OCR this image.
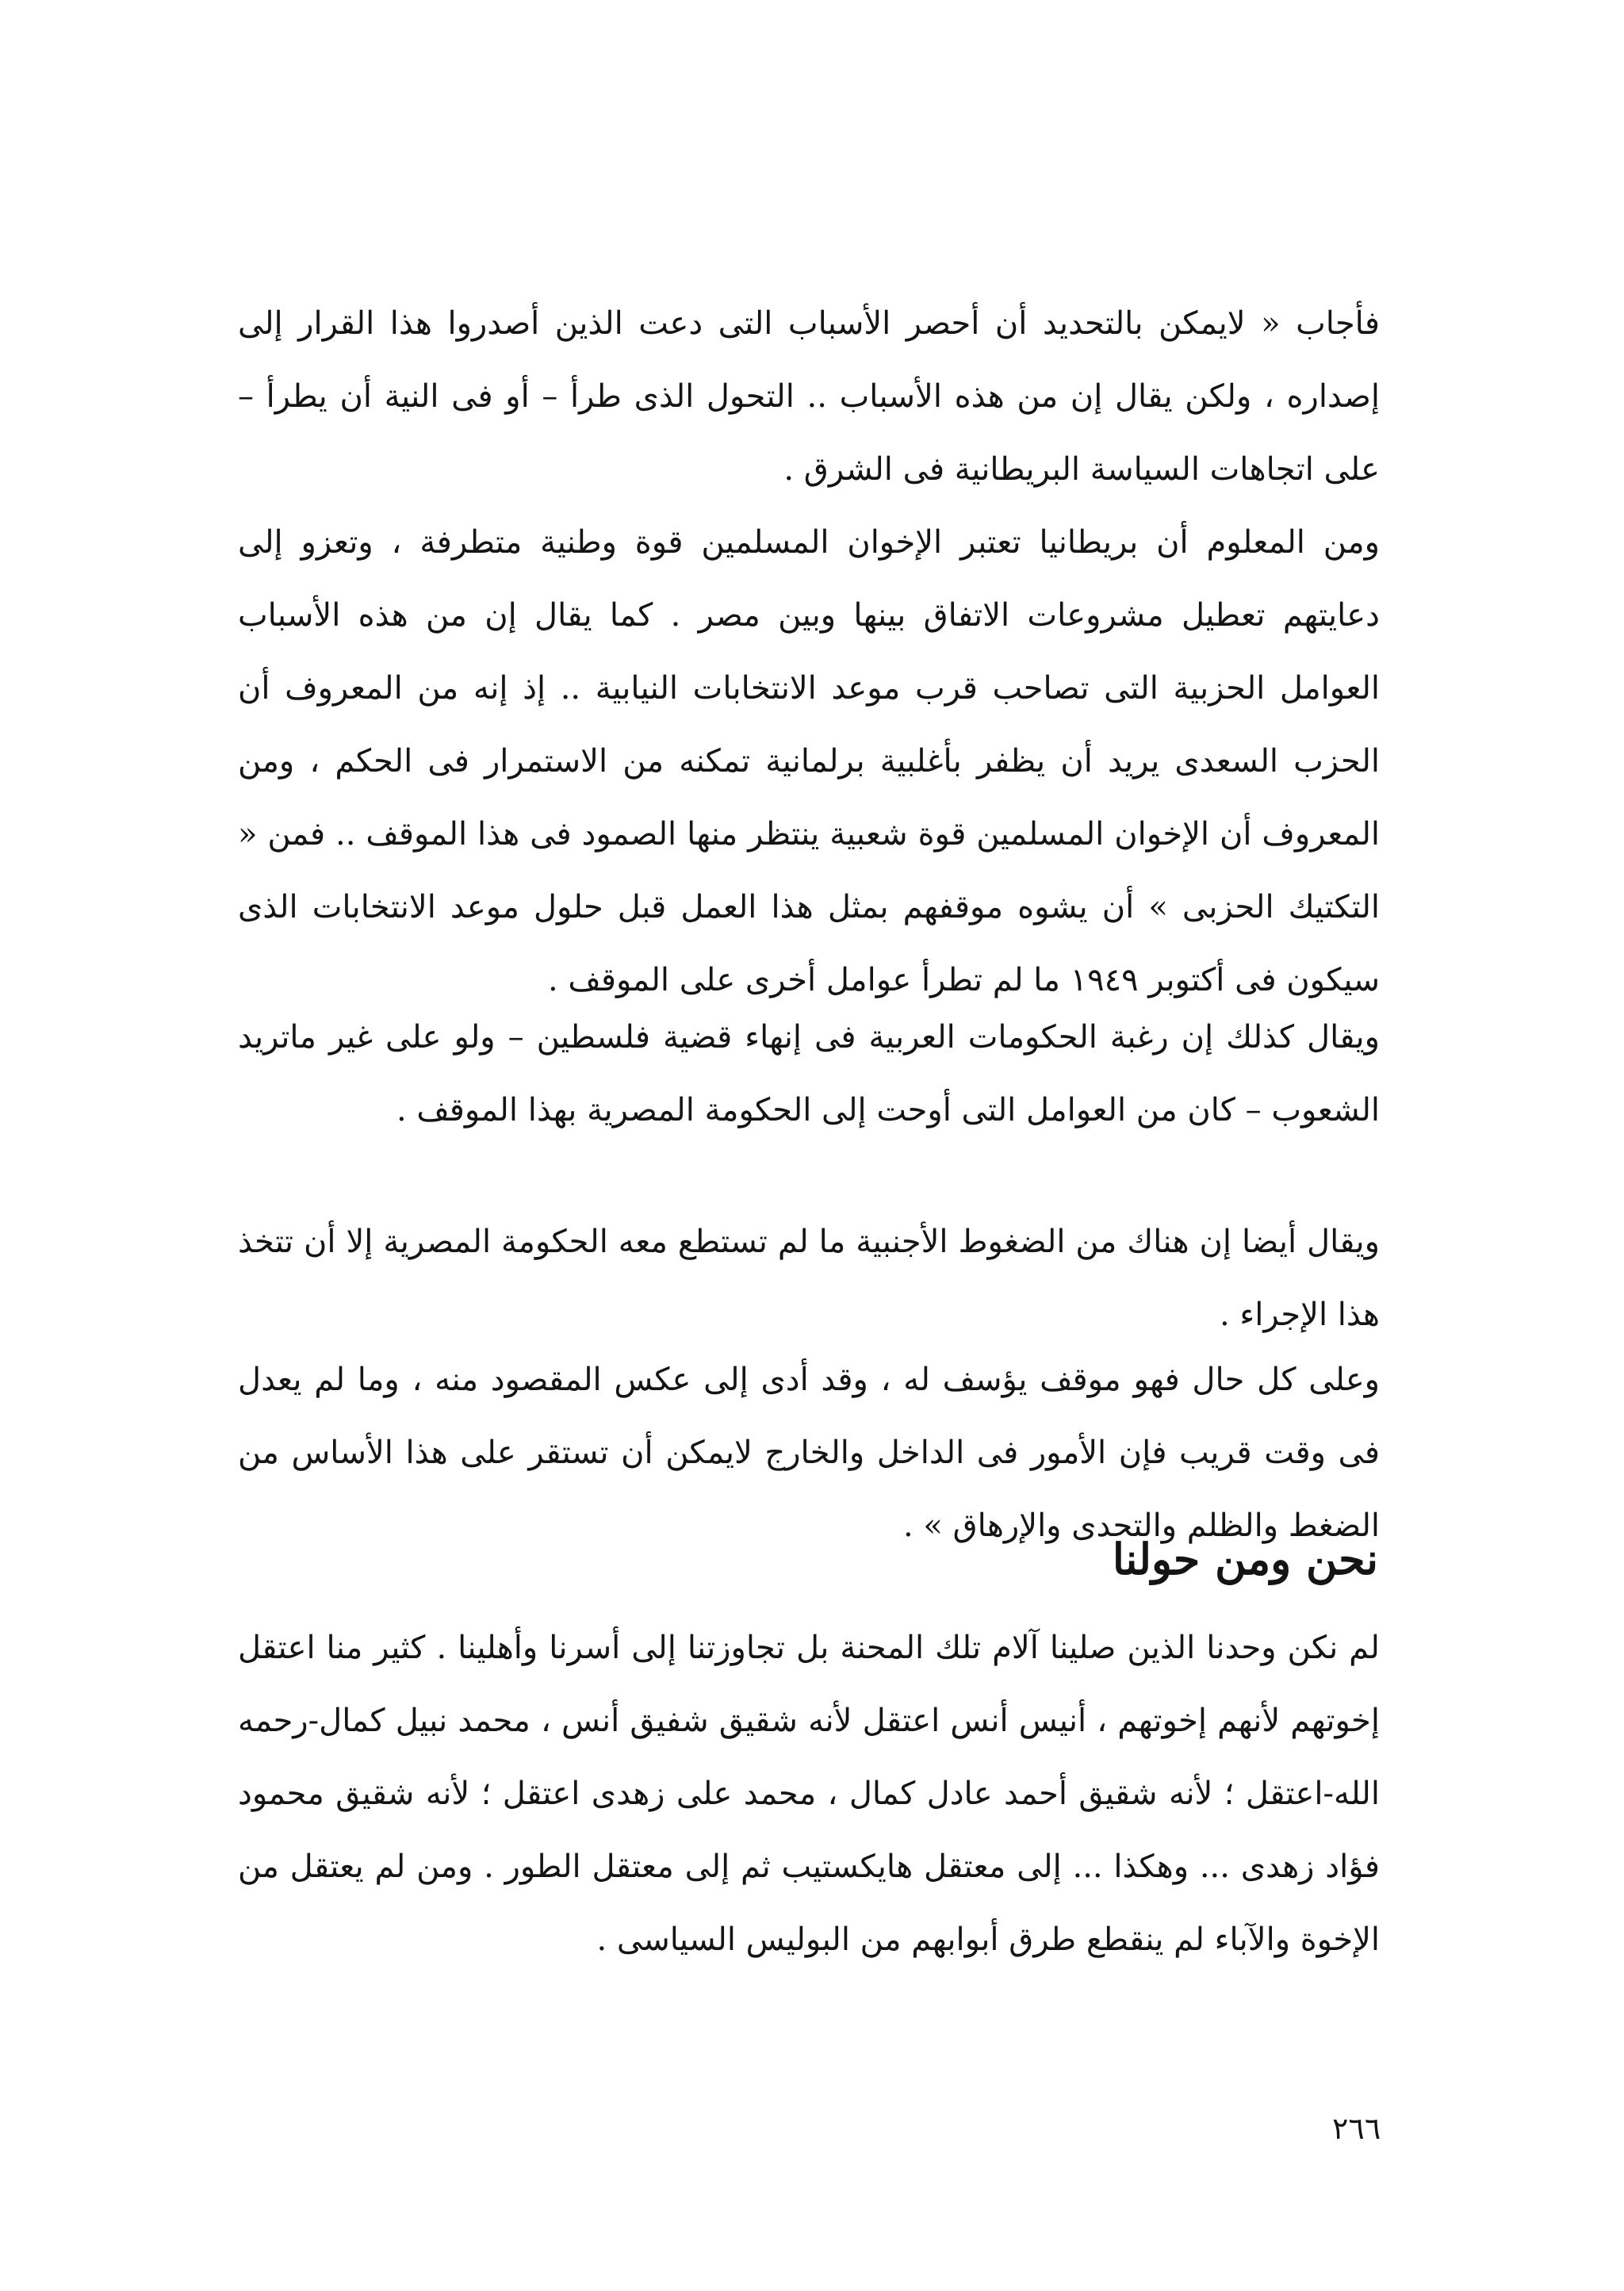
فأجاب « لايمكن بالتحديد أن أحصر الأسباب التى دعت الذين أصدروا هذا القرار إلى إصداره ، ولكن يقال إن من هذه الأسباب .. التحول الذى طرأ – أو فى النية أن يطرأ – على اتجاهات السياسة البريطانية فى الشرق .

ومن المعلوم أن بريطانيا تعتبر الإخوان المسلمين قوة وطنية متطرفة ، وتعزو إلى دعايتهم تعطيل مشروعات الاتفاق بينها وبين مصر . كما يقال إن من هذه الأسباب العوامل الحزبية التى تصاحب قرب موعد الانتخابات النيابية .. إذ إنه من المعروف أن الحزب السعدى يريد أن يظفر بأغلبية برلمانية تمكنه من الاستمرار فى الحكم ، ومن المعروف أن الإخوان المسلمين قوة شعبية ينتظر منها الصمود فى هذا الموقف .. فمن « التكتيك الحزبى » أن يشوه موقفهم بمثل هذا العمل قبل حلول موعد الانتخابات الذى سيكون فى أكتوبر ١٩٤٩ ما لم تطرأ عوامل أخرى على الموقف .

ويقال كذلك إن رغبة الحكومات العربية فى إنهاء قضية فلسطين – ولو على غير ماتريد الشعوب – كان من العوامل التى أوحت إلى الحكومة المصرية بهذا الموقف .

ويقال أيضا إن هناك من الضغوط الأجنبية ما لم تستطع معه الحكومة المصرية إلا أن تتخذ هذا الإجراء .

وعلى كل حال فهو موقف يؤسف له ، وقد أدى إلى عكس المقصود منه ، وما لم يعدل فى وقت قريب فإن الأمور فى الداخل والخارج لايمكن أن تستقر على هذا الأساس من الضغط والظلم والتحدى والإرهاق » .

نحن ومن حولنا

لم نكن وحدنا الذين صلينا آلام تلك المحنة بل تجاوزتنا إلى أسرنا وأهلينا . كثير منا اعتقل إخوتهم لأنهم إخوتهم ، أنيس أنس اعتقل لأنه شقيق شفيق أنس ، محمد نبيل كمال-رحمه الله-اعتقل ؛ لأنه شقيق أحمد عادل كمال ، محمد على زهدى اعتقل ؛ لأنه شقيق محمود فؤاد زهدى ... وهكذا ... إلى معتقل هايكستيب ثم إلى معتقل الطور . ومن لم يعتقل من الإخوة والآباء لم ينقطع طرق أبوابهم من البوليس السياسى .

٢٦٦
